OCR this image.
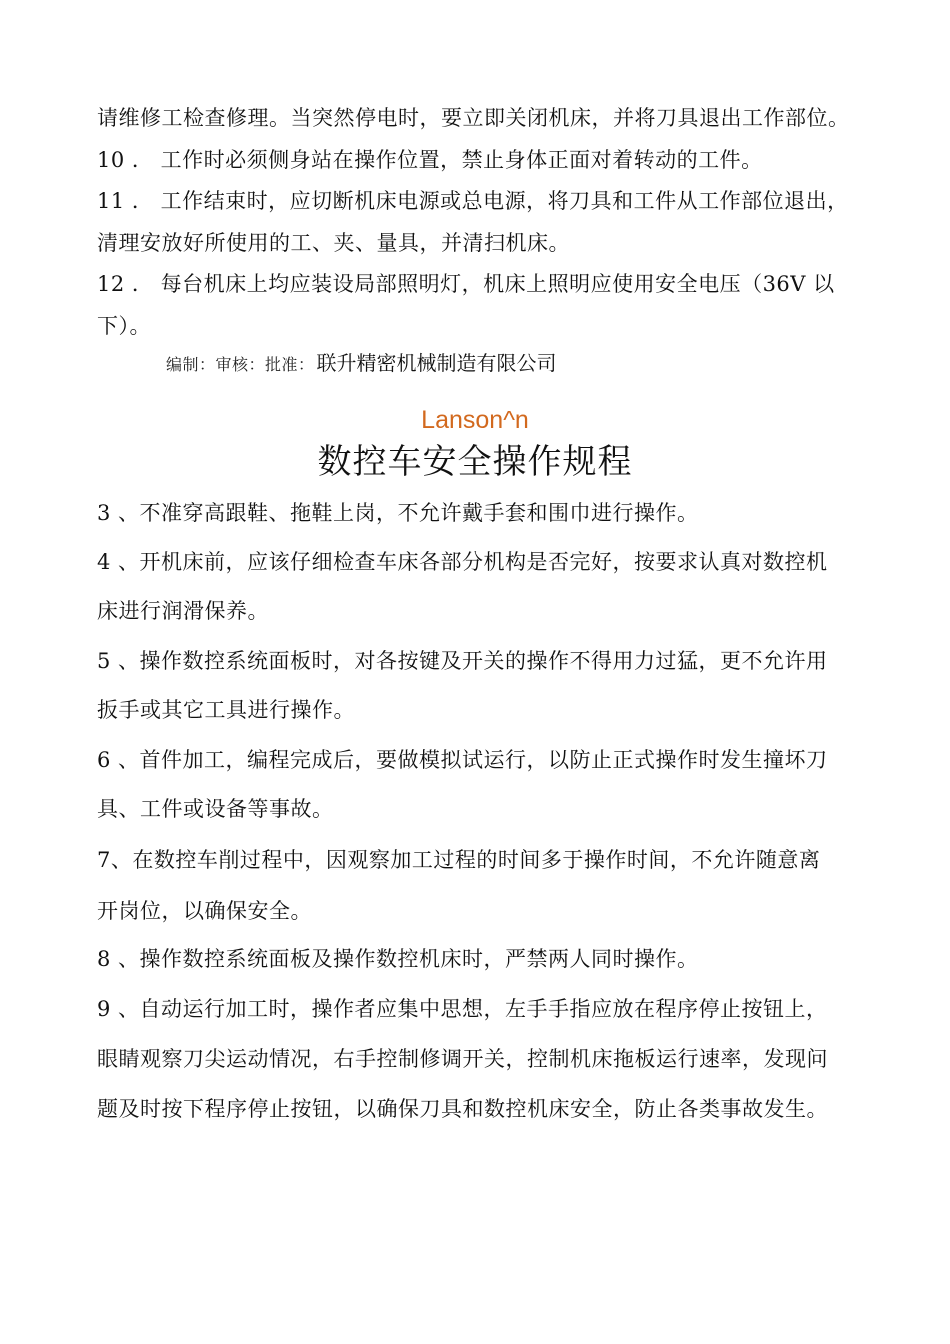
请维修工检查修理。当突然停电时，要立即关闭机床，并将刀具退出工作部位。
10 ． 工作时必须侧身站在操作位置，禁止身体正面对着转动的工件。
11 ． 工作结束时，应切断机床电源或总电源，将刀具和工件从工作部位退出，
清理安放好所使用的工、夹、量具，并清扫机床。
12 ． 每台机床上均应装设局部照明灯，机床上照明应使用安全电压（36V 以
下）。
编制：审核：批准： 联升精密机械制造有限公司
Lanson^n
数控车安全操作规程
3 、不准穿高跟鞋、拖鞋上岗，不允许戴手套和围巾进行操作。
4 、开机床前，应该仔细检查车床各部分机构是否完好，按要求认真对数控机
床进行润滑保养。
5 、操作数控系统面板时，对各按键及开关的操作不得用力过猛，更不允许用
扳手或其它工具进行操作。
6 、首件加工，编程完成后，要做模拟试运行，以防止正式操作时发生撞坏刀
具、工件或设备等事故。
7、在数控车削过程中，因观察加工过程的时间多于操作时间，不允许随意离
开岗位，以确保安全。
8 、操作数控系统面板及操作数控机床时，严禁两人同时操作。
9 、自动运行加工时，操作者应集中思想，左手手指应放在程序停止按钮上，
眼睛观察刀尖运动情况，右手控制修调开关，控制机床拖板运行速率，发现问
题及时按下程序停止按钮，以确保刀具和数控机床安全，防止各类事故发生。
